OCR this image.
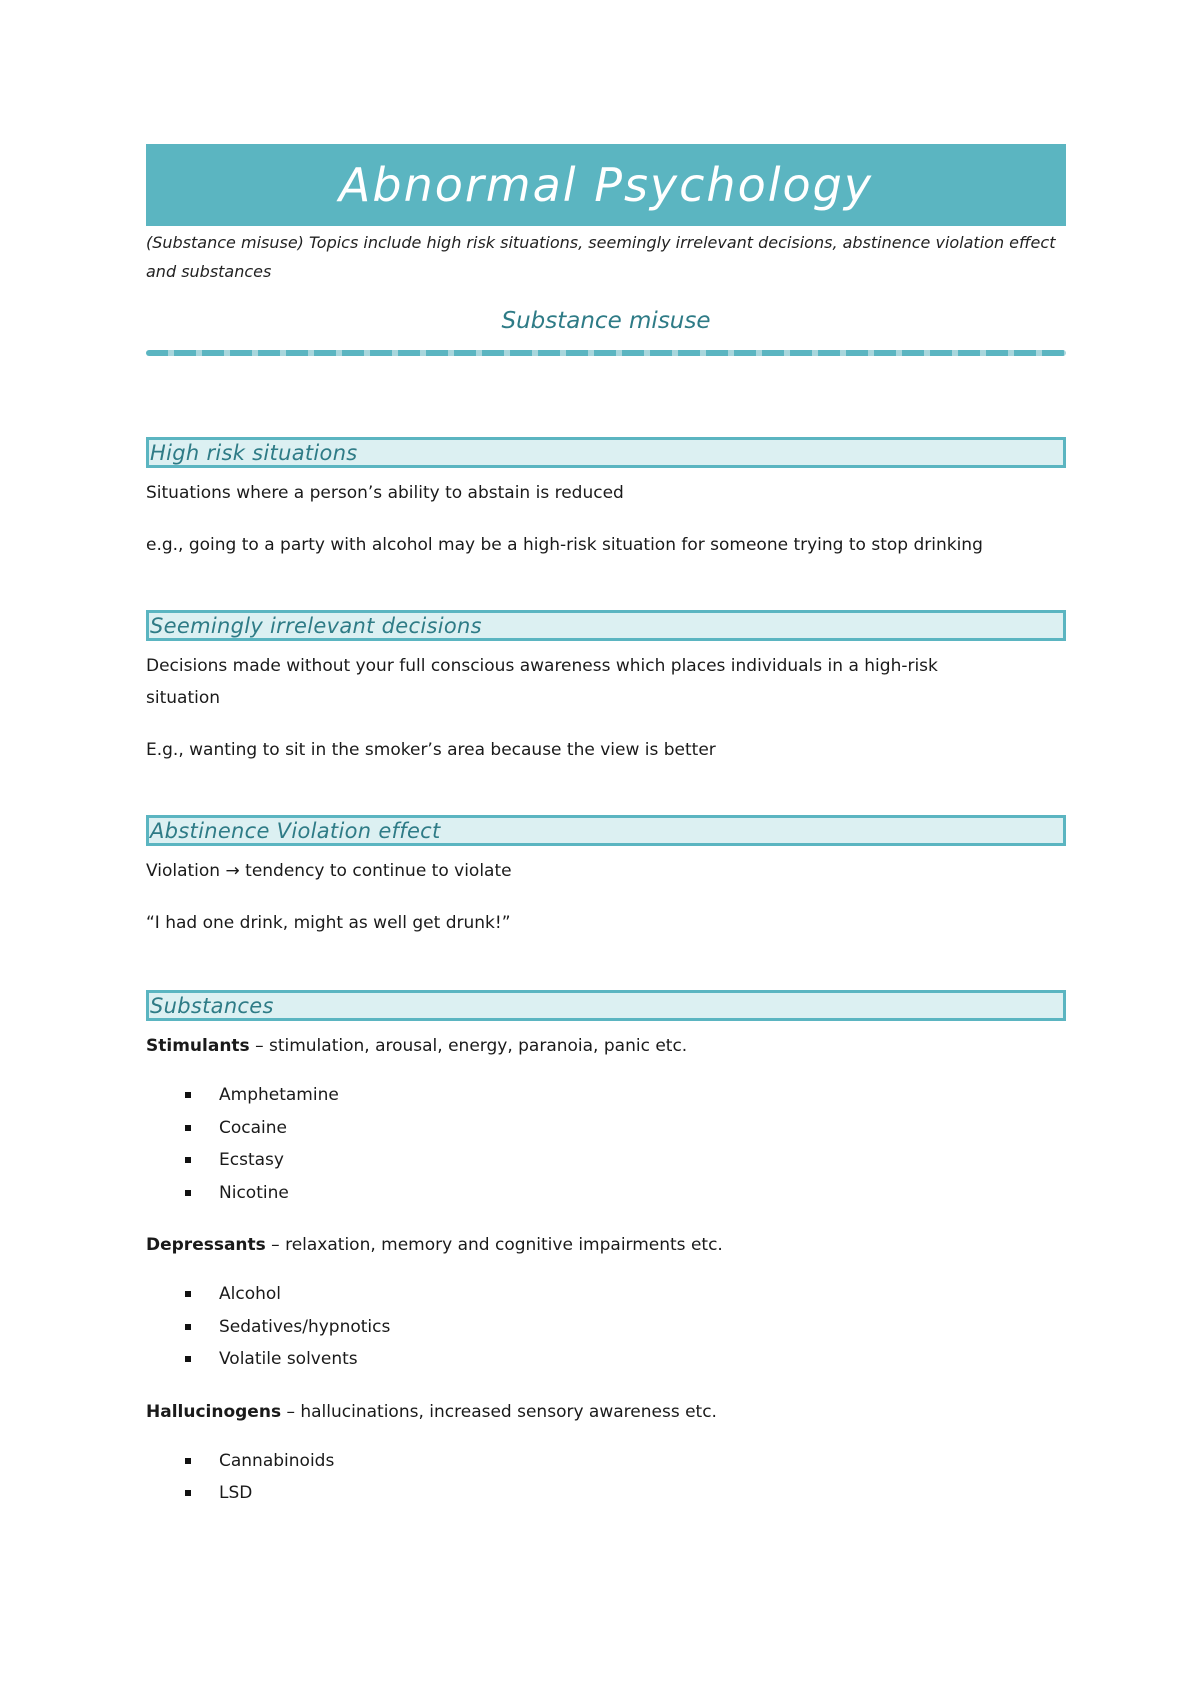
Abnormal Psychology
(Substance misuse) Topics include high risk situations, seemingly irrelevant decisions, abstinence violation effect and substances
Substance misuse
High risk situations
Situations where a person’s ability to abstain is reduced
e.g., going to a party with alcohol may be a high-risk situation for someone trying to stop drinking
Seemingly irrelevant decisions
Decisions made without your full conscious awareness which places individuals in a high-risk situation
E.g., wanting to sit in the smoker’s area because the view is better
Abstinence Violation effect
Violation → tendency to continue to violate
“I had one drink, might as well get drunk!”
Substances
Stimulants – stimulation, arousal, energy, paranoia, panic etc.
Amphetamine
Cocaine
Ecstasy
Nicotine
Depressants – relaxation, memory and cognitive impairments etc.
Alcohol
Sedatives/hypnotics
Volatile solvents
Hallucinogens – hallucinations, increased sensory awareness etc.
Cannabinoids
LSD
